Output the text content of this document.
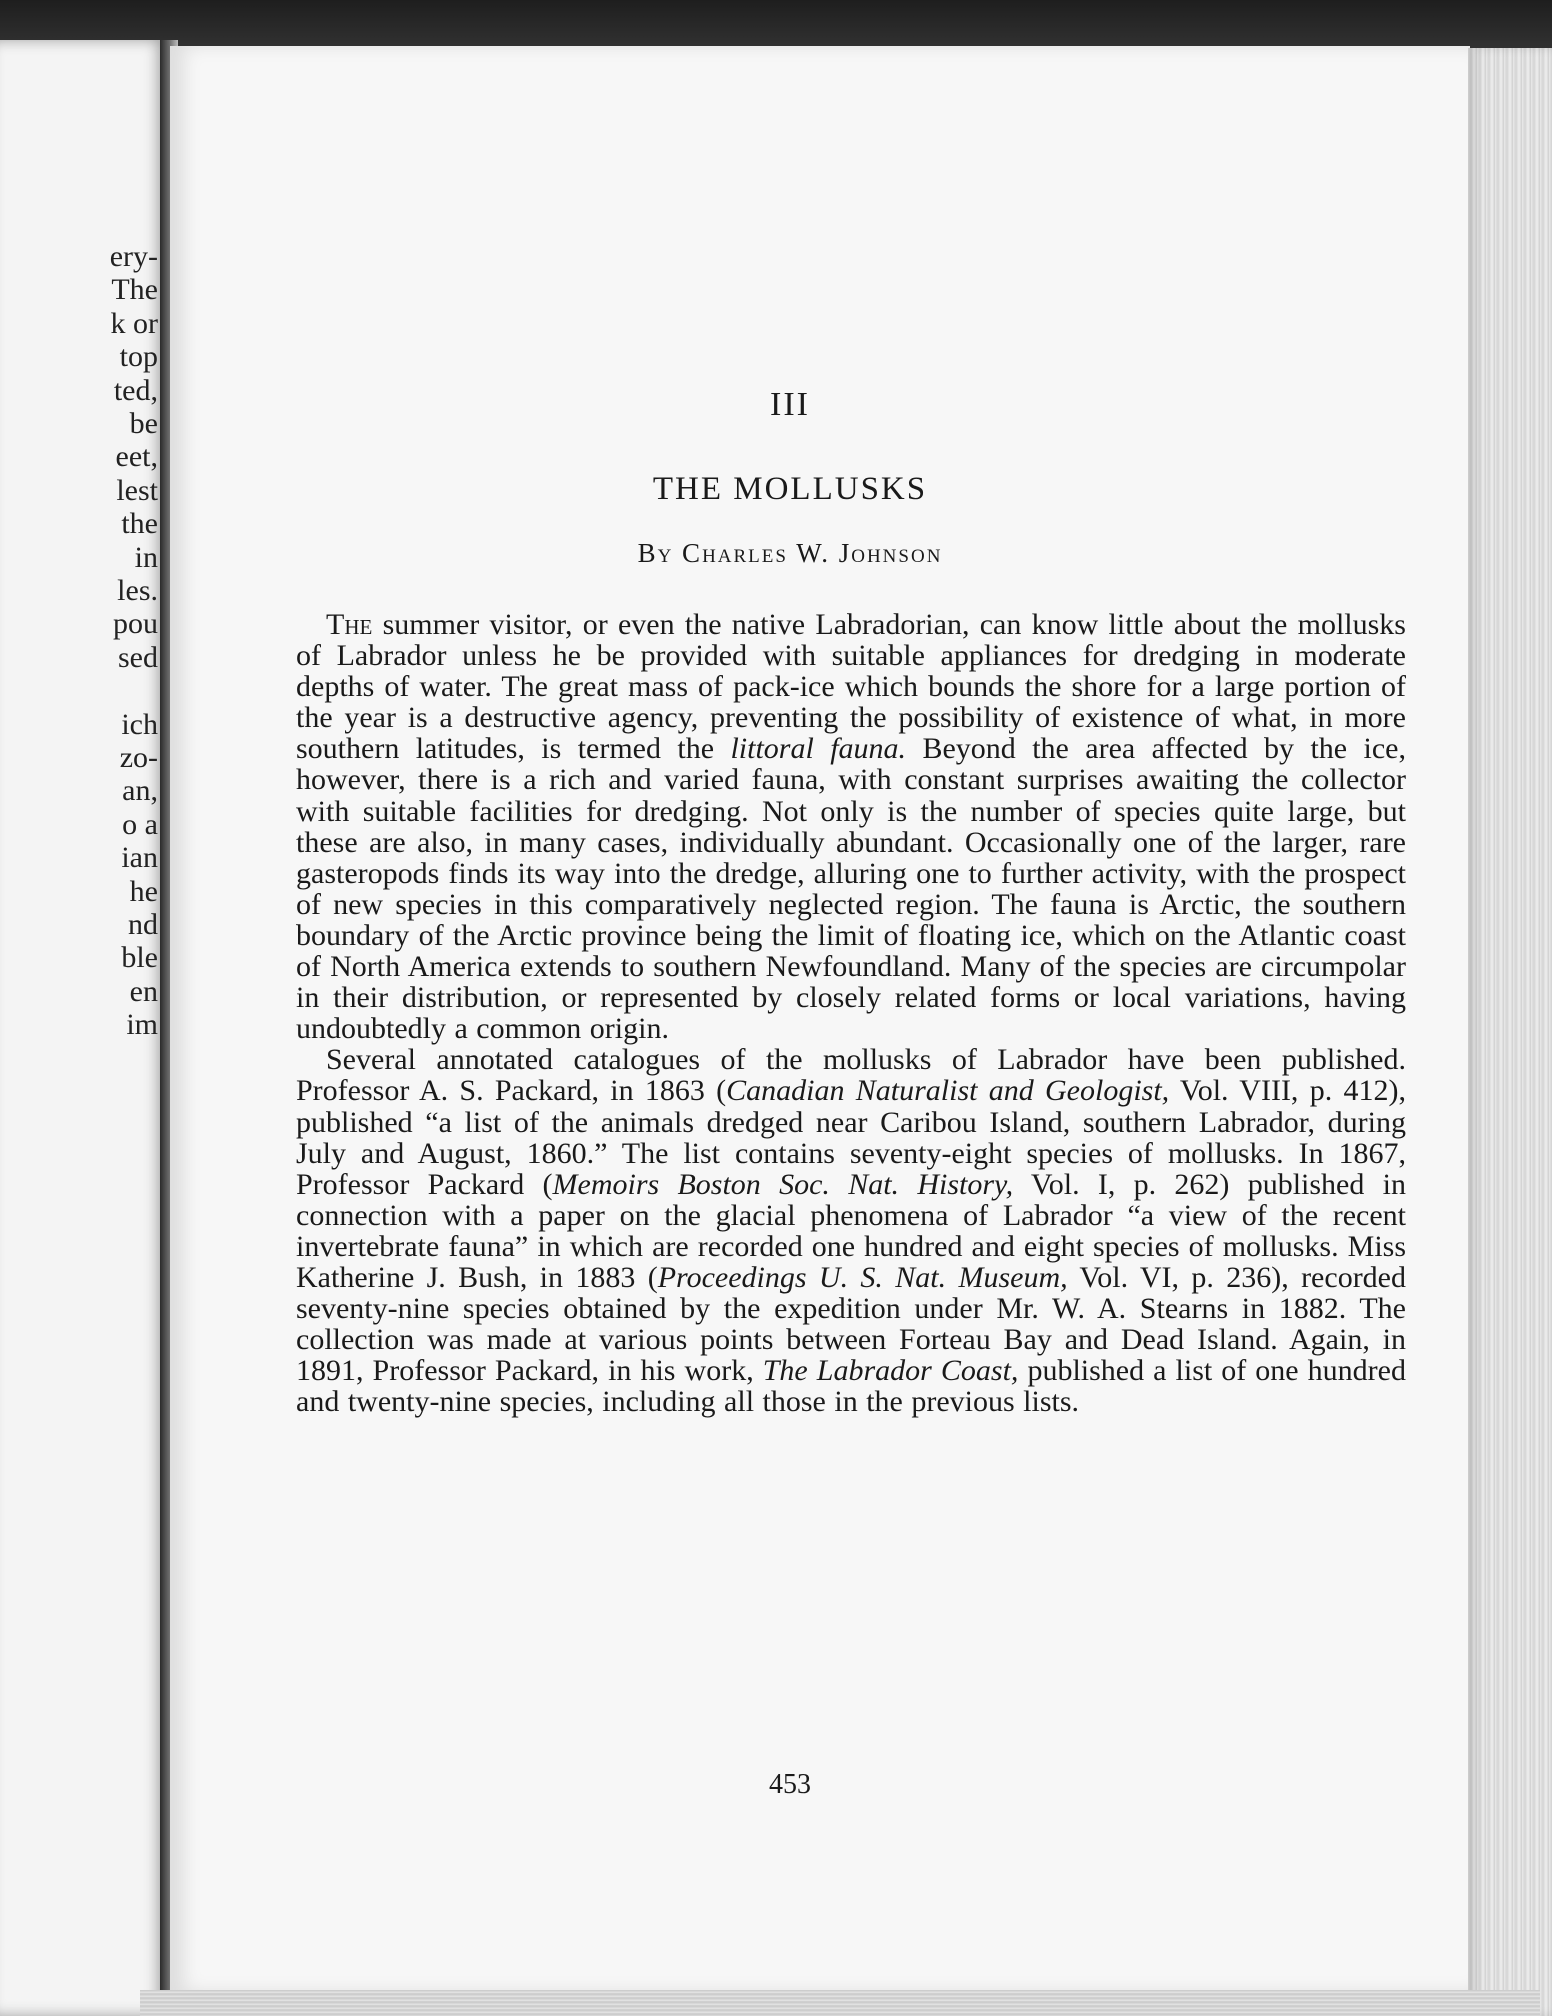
ery-
The
k or
top
ted,
be
eet,
lest
the
in
les.
pou
sed
ich
zo-
an,
o a
ian
he
nd
ble
en
im
III
THE MOLLUSKS
By Charles W. Johnson

The summer visitor, or even the native Labradorian, can know little about the mollusks of Labrador unless he be provided with suitable appliances for dredging in moderate depths of water. The great mass of pack-ice which bounds the shore for a large portion of the year is a destructive agency, preventing the possibility of existence of what, in more southern latitudes, is termed the littoral fauna. Beyond the area affected by the ice, however, there is a rich and varied fauna, with constant surprises awaiting the collector with suitable facilities for dredging. Not only is the number of species quite large, but these are also, in many cases, individually abundant. Occasionally one of the larger, rare gasteropods finds its way into the dredge, alluring one to further activity, with the prospect of new species in this comparatively neglected region. The fauna is Arctic, the southern boundary of the Arctic province being the limit of floating ice, which on the Atlantic coast of North America extends to southern Newfoundland. Many of the species are circumpolar in their distribution, or represented by closely related forms or local variations, having undoubtedly a common origin.

Several annotated catalogues of the mollusks of Labrador have been published. Professor A. S. Packard, in 1863 (Canadian Naturalist and Geologist, Vol. VIII, p. 412), published “a list of the animals dredged near Caribou Island, southern Labrador, during July and August, 1860.” The list contains seventy-eight species of mollusks. In 1867, Professor Packard (Memoirs Boston Soc. Nat. History, Vol. I, p. 262) published in connection with a paper on the glacial phenomena of Labrador “a view of the recent invertebrate fauna” in which are recorded one hundred and eight species of mollusks. Miss Katherine J. Bush, in 1883 (Proceedings U. S. Nat. Museum, Vol. VI, p. 236), recorded seventy-nine species obtained by the expedition under Mr. W. A. Stearns in 1882. The collection was made at various points between Forteau Bay and Dead Island. Again, in 1891, Professor Packard, in his work, The Labrador Coast, published a list of one hundred and twenty-nine species, including all those in the previous lists.

453
